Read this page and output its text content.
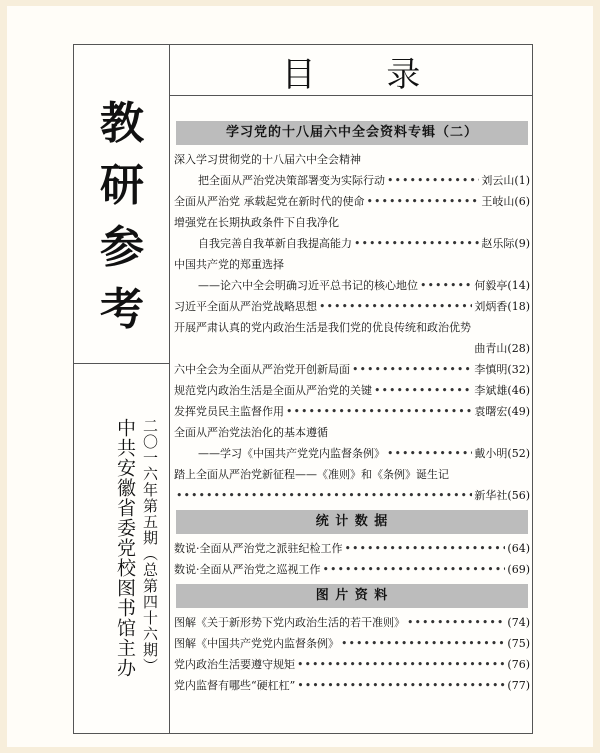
教
研
参
考
中共安徽省委党校图书馆主办 二〇一六年第五期（总第四十六期）
目 录
学习党的十八届六中全会资料专辑（二）
深入学习贯彻党的十八届六中全会精神
把全面从严治党决策部署变为实际行动 •••••	刘云山(1)
全面从严治党 承载起党在新时代的使命 •••••	王岐山(6)
增强党在长期执政条件下自我净化
自我完善自我革新自我提高能力 •••••	赵乐际(9)
中国共产党的郑重选择
——论六中全会明确习近平总书记的核心地位 •••••	何毅亭(14)
习近平全面从严治党战略思想 •••••	刘炳香(18)
开展严肃认真的党内政治生活是我们党的优良传统和政治优势
曲青山(28)
六中全会为全面从严治党开创新局面 •••••	李慎明(32)
规范党内政治生活是全面从严治党的关键 •••••	李斌雄(46)
发挥党员民主监督作用 •••••	袁曙宏(49)
全面从严治党法治化的基本遵循
——学习《中国共产党党内监督条例》 •••••	戴小明(52)
踏上全面从严治党新征程——《准则》和《条例》诞生记
•••••
新华社(56)
统 计 数 据
数说·全面从严治党之派驻纪检工作 •••••	(64)
数说·全面从严治党之巡视工作 •••••	(69)
图 片 资 料
图解《关于新形势下党内政治生活的若干准则》 •••••	(74)
图解《中国共产党党内监督条例》 •••••	(75)
党内政治生活要遵守规矩 •••••	(76)
党内监督有哪些“硬杠杠” •••••	(77)
